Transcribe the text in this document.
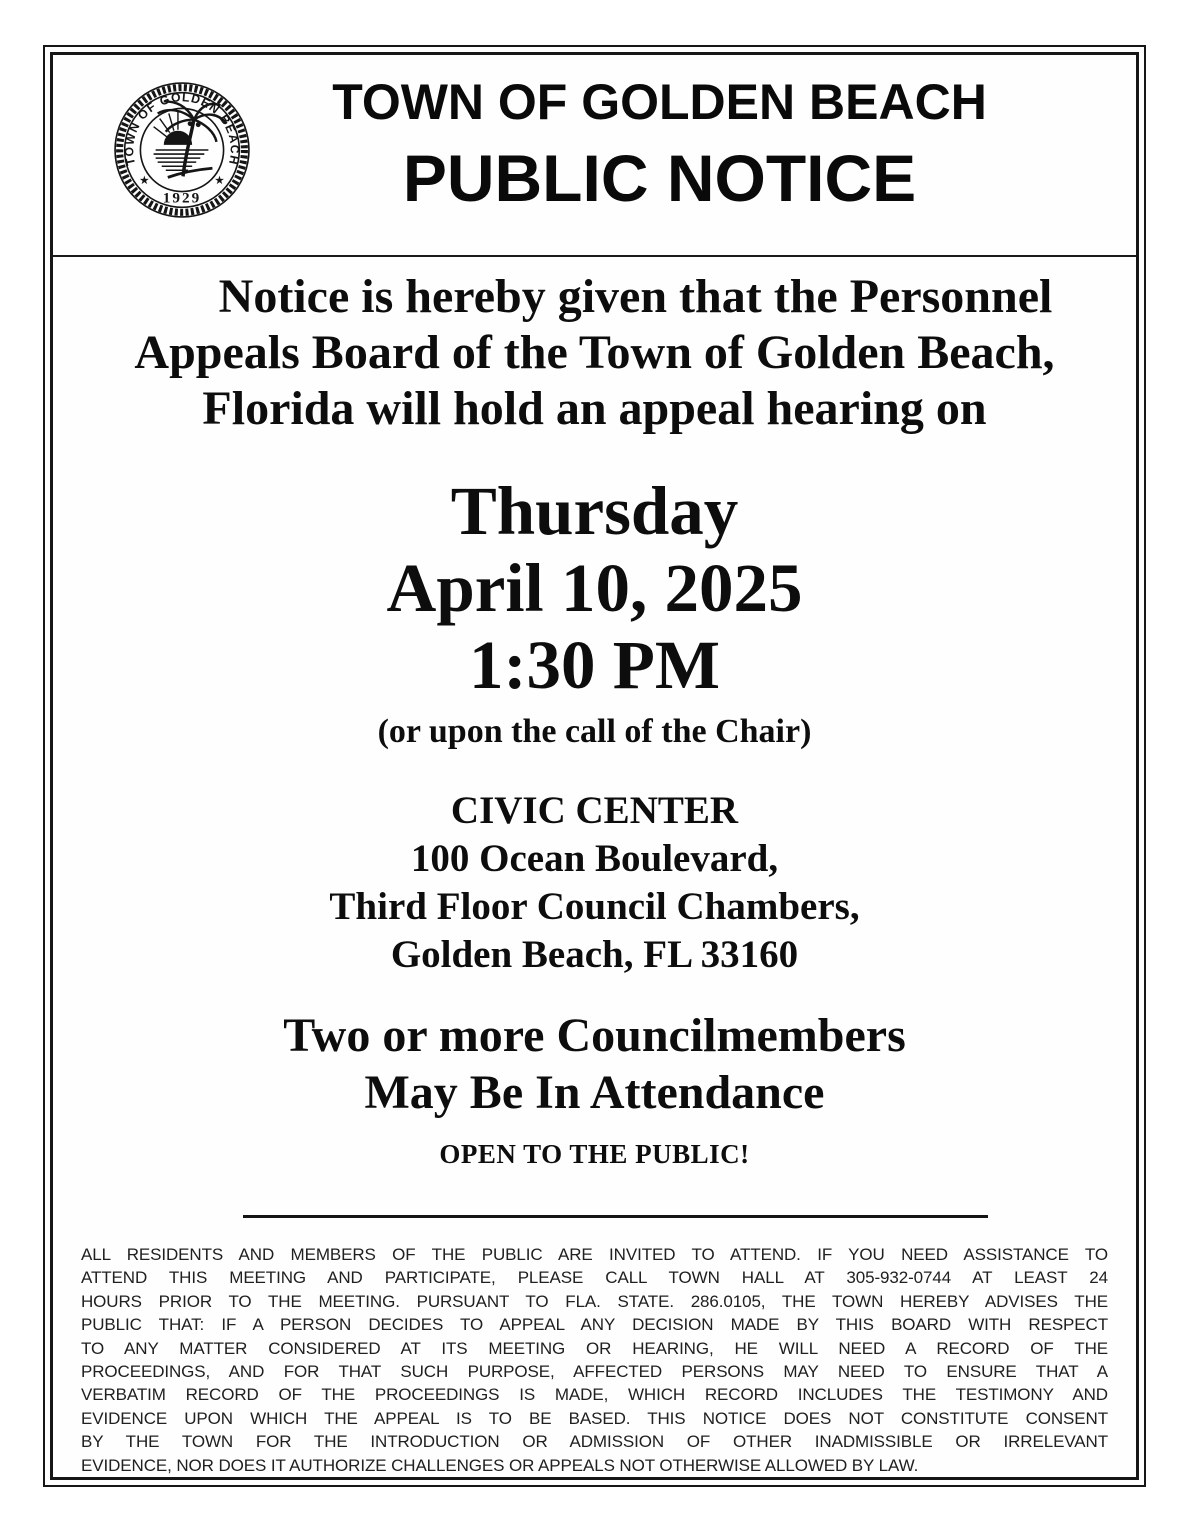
TOWN OF GOLDEN BEACH
1929
★	★
TOWN OF GOLDEN BEACH
PUBLIC NOTICE
Notice is hereby given that the Personnel
Appeals Board of the Town of Golden Beach,
Florida will hold an appeal hearing on
Thursday
April 10, 2025
1:30 PM
(or upon the call of the Chair)
CIVIC CENTER
100 Ocean Boulevard,
Third Floor Council Chambers,
Golden Beach, FL 33160
Two or more Councilmembers
May Be In Attendance
OPEN TO THE PUBLIC!
ALL RESIDENTS AND MEMBERS OF THE PUBLIC ARE INVITED TO ATTEND. IF YOU NEED ASSISTANCE TO
ATTEND THIS MEETING AND PARTICIPATE, PLEASE CALL TOWN HALL AT 305-932-0744 AT LEAST 24
HOURS PRIOR TO THE MEETING. PURSUANT TO FLA. STATE. 286.0105, THE TOWN HEREBY ADVISES THE
PUBLIC THAT: IF A PERSON DECIDES TO APPEAL ANY DECISION MADE BY THIS BOARD WITH RESPECT
TO ANY MATTER CONSIDERED AT ITS MEETING OR HEARING, HE WILL NEED A RECORD OF THE
PROCEEDINGS, AND FOR THAT SUCH PURPOSE, AFFECTED PERSONS MAY NEED TO ENSURE THAT A
VERBATIM RECORD OF THE PROCEEDINGS IS MADE, WHICH RECORD INCLUDES THE TESTIMONY AND
EVIDENCE UPON WHICH THE APPEAL IS TO BE BASED. THIS NOTICE DOES NOT CONSTITUTE CONSENT
BY THE TOWN FOR THE INTRODUCTION OR ADMISSION OF OTHER INADMISSIBLE OR IRRELEVANT
EVIDENCE, NOR DOES IT AUTHORIZE CHALLENGES OR APPEALS NOT OTHERWISE ALLOWED BY LAW.
